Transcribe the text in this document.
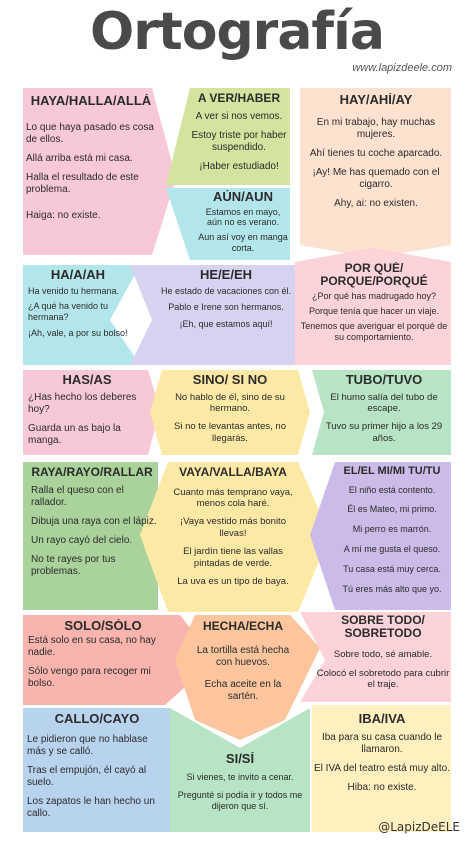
Ortografía
www.lapizdeele.com
HAYA/HALLA/ALLÁ

Lo que haya pasado es cosa de ellos.

Allá arriba está mi casa.

Halla el resultado de este problema.

Haiga: no existe.

A VER/HABER

A ver si nos vemos.

Estoy triste por haber suspendido.

¡Haber estudiado!

AÚN/AUN

Estamos en mayo, aún no es verano.

Aun así voy en manga corta.

HAY/AHÍ/AY

En mi trabajo, hay muchas mujeres.

Ahí tienes tu coche aparcado.

¡Ay! Me has quemado con el cigarro.

Ahy, ai: no existen.

HA/A/AH

Ha venido tu hermana.

¿A qué ha venido tu hermana?

¡Ah, vale, a por su bolso!

HE/E/EH

He estado de vacaciones con él.

Pablo e Irene son hermanos.

¡Eh, que estamos aquí!

POR QUÉ/ PORQUE/PORQUÉ

¿Por qué has madrugado hoy?

Porque tenía que hacer un viaje.

Tenemos que averiguar el porqué de su comportamiento.

HAS/AS

¿Has hecho los deberes hoy?

Guarda un as bajo la manga.

SINO/ SI NO

No hablo de él, sino de su hermano.

Si no te levantas antes, no llegarás.

TUBO/TUVO

El humo salía del tubo de escape.

Tuvo su primer hijo a los 29 años.

RAYA/RAYO/RALLAR

Ralla el queso con el rallador.

Dibuja una raya con el lápiz.

Un rayo cayó del cielo.

No te rayes por tus problemas.

VAYA/VALLA/BAYA

Cuanto más temprano vaya, menos cola haré.

¡Vaya vestido más bonito llevas!

El jardín tiene las vallas pintadas de verde.

La uva es un tipo de baya.

EL/ÉL MI/MÍ TU/TÚ

El niño está contento.

Él es Mateo, mi primo.

Mi perro es marrón.

A mí me gusta el queso.

Tu casa está muy cerca.

Tú eres más alto que yo.

SOLO/SÓLO

Está solo en su casa, no hay nadie.

Sólo vengo para recoger mi bolso.

HECHA/ECHA

La tortilla está hecha con huevos.

Echa aceite en la sartén.

SOBRE TODO/ SOBRETODO

Sobre todo, sé amable.

Colocó el sobretodo para cubrir el traje.

CALLO/CAYO

Le pidieron que no hablase más y se calló.

Tras el empujón, él cayó al suelo.

Los zapatos le han hecho un callo.

SI/SÍ

Si vienes, te invito a cenar.

Pregunté si podía ir y todos me dijeron que sí.

IBA/IVA

Iba para su casa cuando le llamaron.

El IVA del teatro está muy alto.

Hiba: no existe.

@LapizDeELE
